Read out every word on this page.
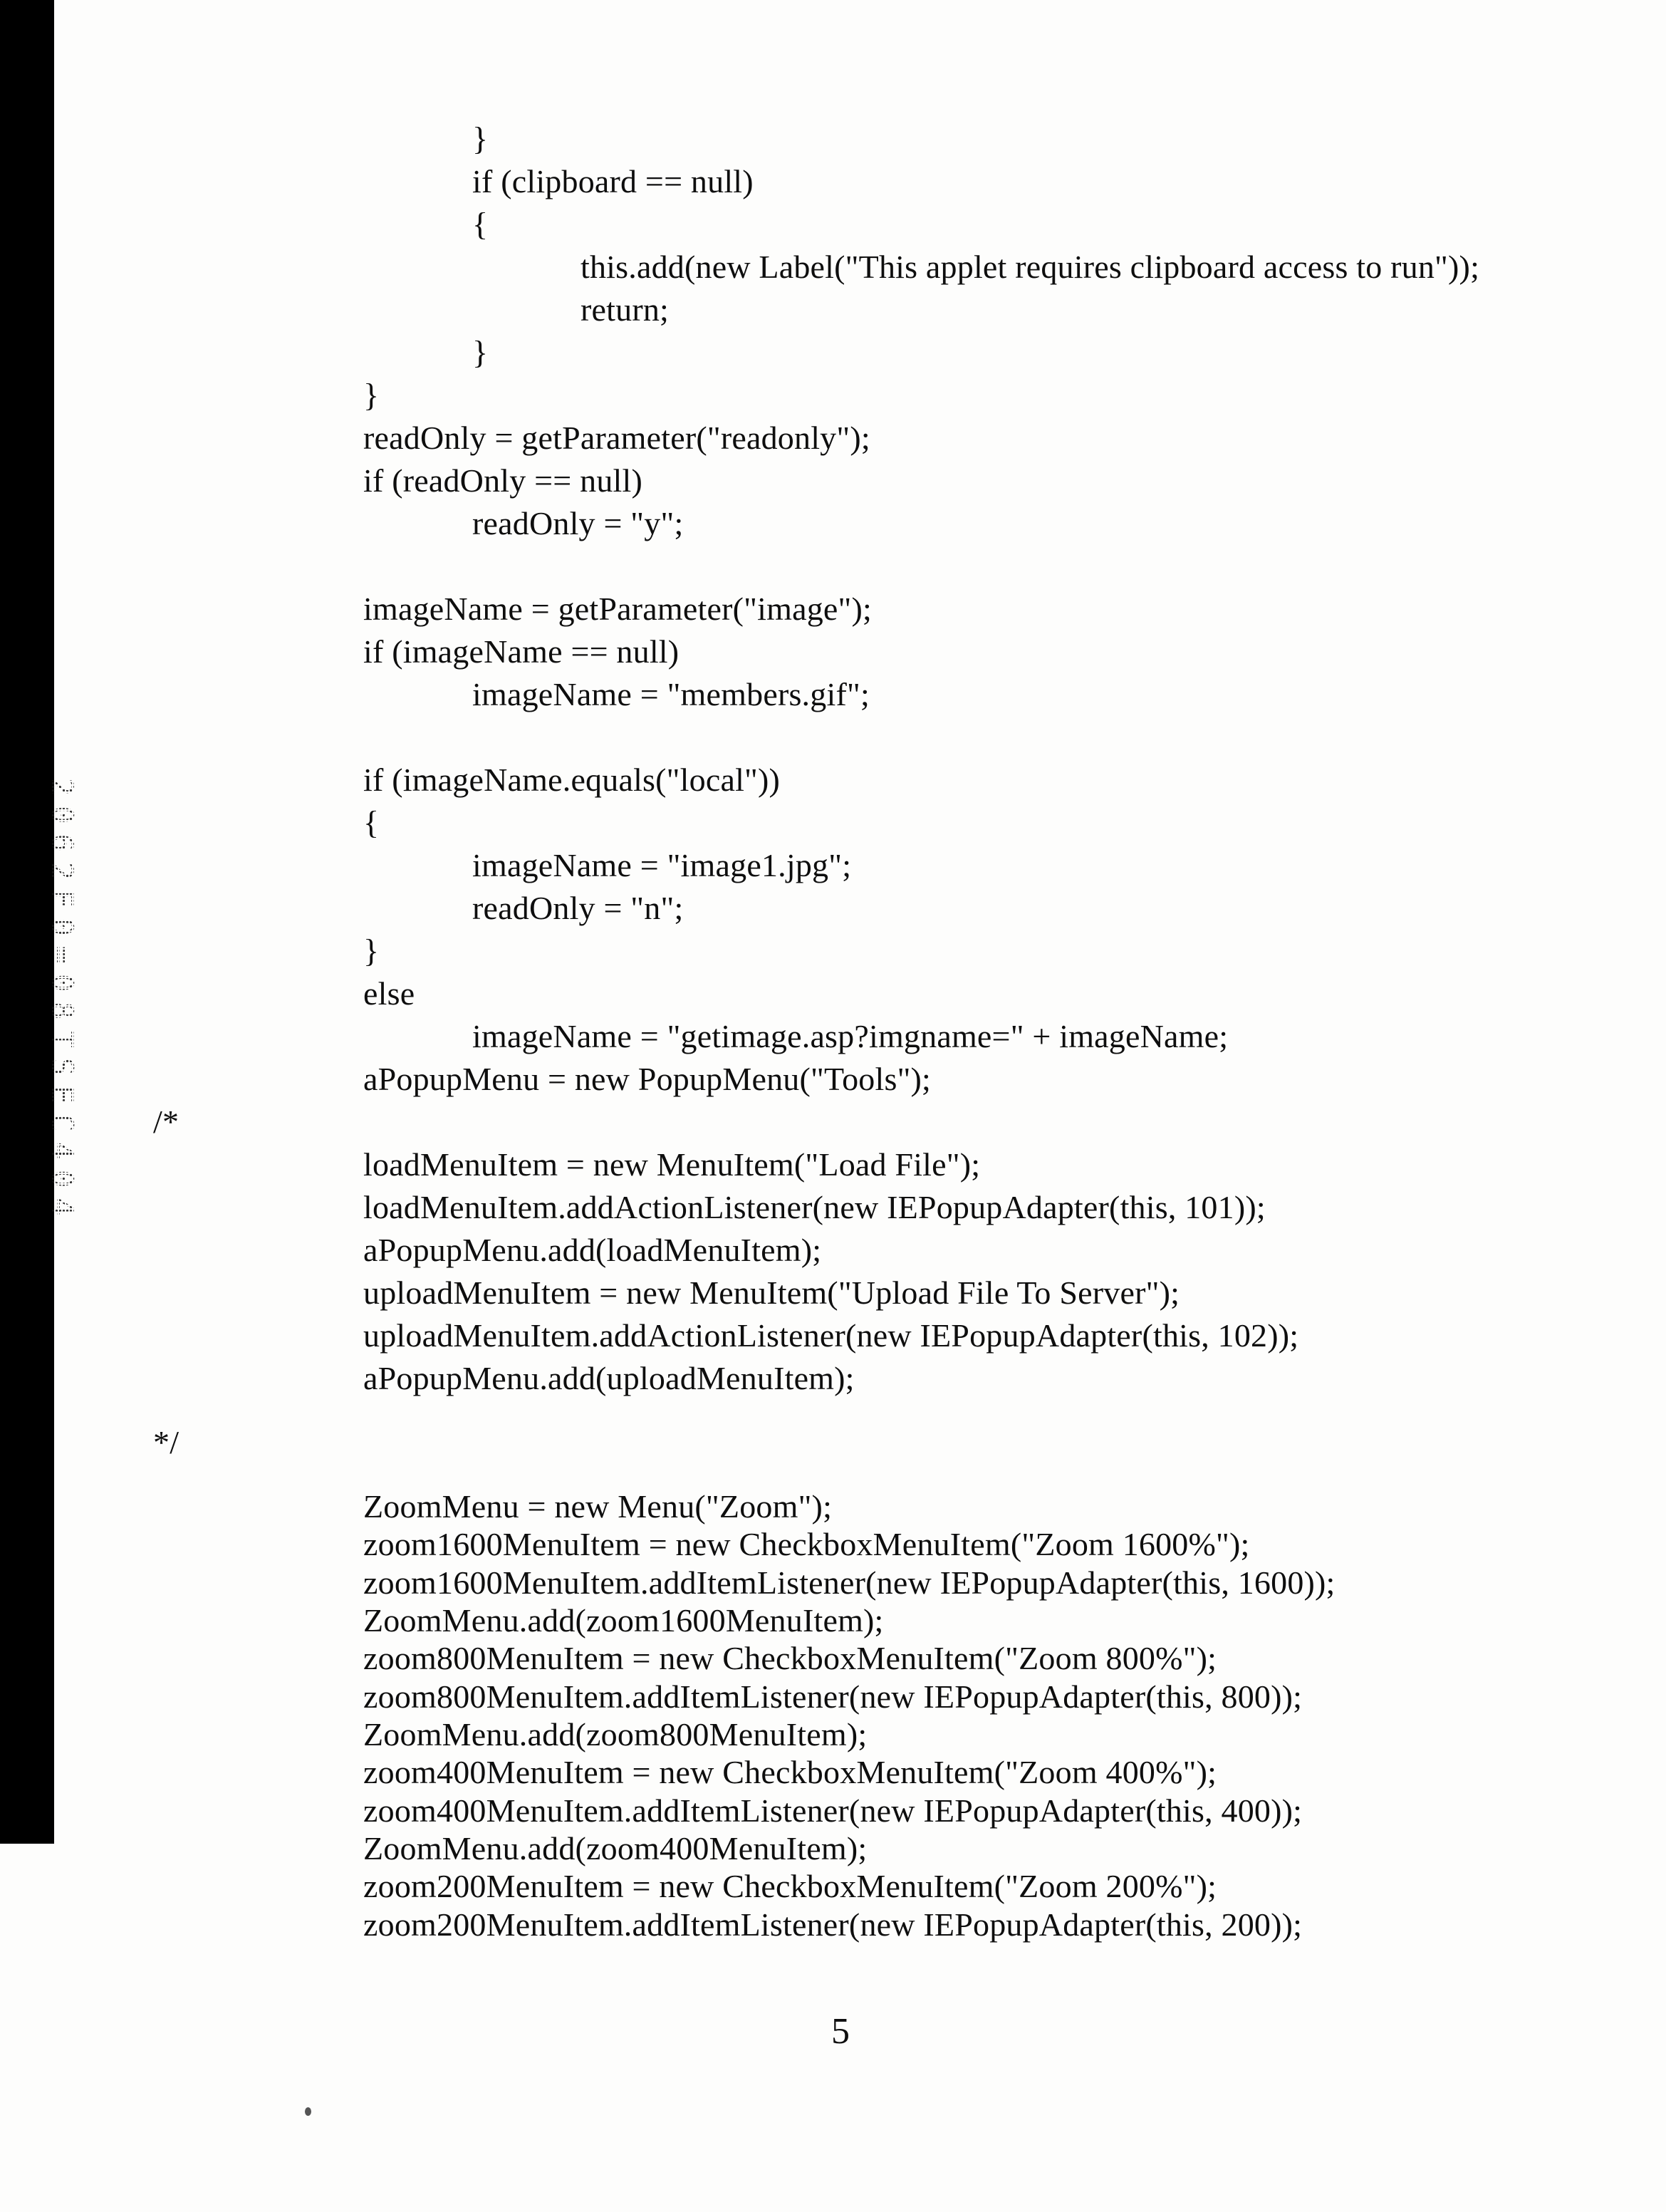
2062F0=08TSEC404
}
if (clipboard == null)
{
this.add(new Label("This applet requires clipboard access to run"));
return;
}
}
readOnly = getParameter("readonly");
if (readOnly == null)
readOnly = "y";
imageName = getParameter("image");
if (imageName == null)
imageName = "members.gif";
if (imageName.equals("local"))
{
imageName = "image1.jpg";
readOnly = "n";
}
else
imageName = "getimage.asp?imgname=" + imageName;
aPopupMenu = new PopupMenu("Tools");
/*
loadMenuItem = new MenuItem("Load File");
loadMenuItem.addActionListener(new IEPopupAdapter(this, 101));
aPopupMenu.add(loadMenuItem);
uploadMenuItem = new MenuItem("Upload File To Server");
uploadMenuItem.addActionListener(new IEPopupAdapter(this, 102));
aPopupMenu.add(uploadMenuItem);
*/
ZoomMenu = new Menu("Zoom");
zoom1600MenuItem = new CheckboxMenuItem("Zoom 1600%");
zoom1600MenuItem.addItemListener(new IEPopupAdapter(this, 1600));
ZoomMenu.add(zoom1600MenuItem);
zoom800MenuItem = new CheckboxMenuItem("Zoom 800%");
zoom800MenuItem.addItemListener(new IEPopupAdapter(this, 800));
ZoomMenu.add(zoom800MenuItem);
zoom400MenuItem = new CheckboxMenuItem("Zoom 400%");
zoom400MenuItem.addItemListener(new IEPopupAdapter(this, 400));
ZoomMenu.add(zoom400MenuItem);
zoom200MenuItem = new CheckboxMenuItem("Zoom 200%");
zoom200MenuItem.addItemListener(new IEPopupAdapter(this, 200));
5
